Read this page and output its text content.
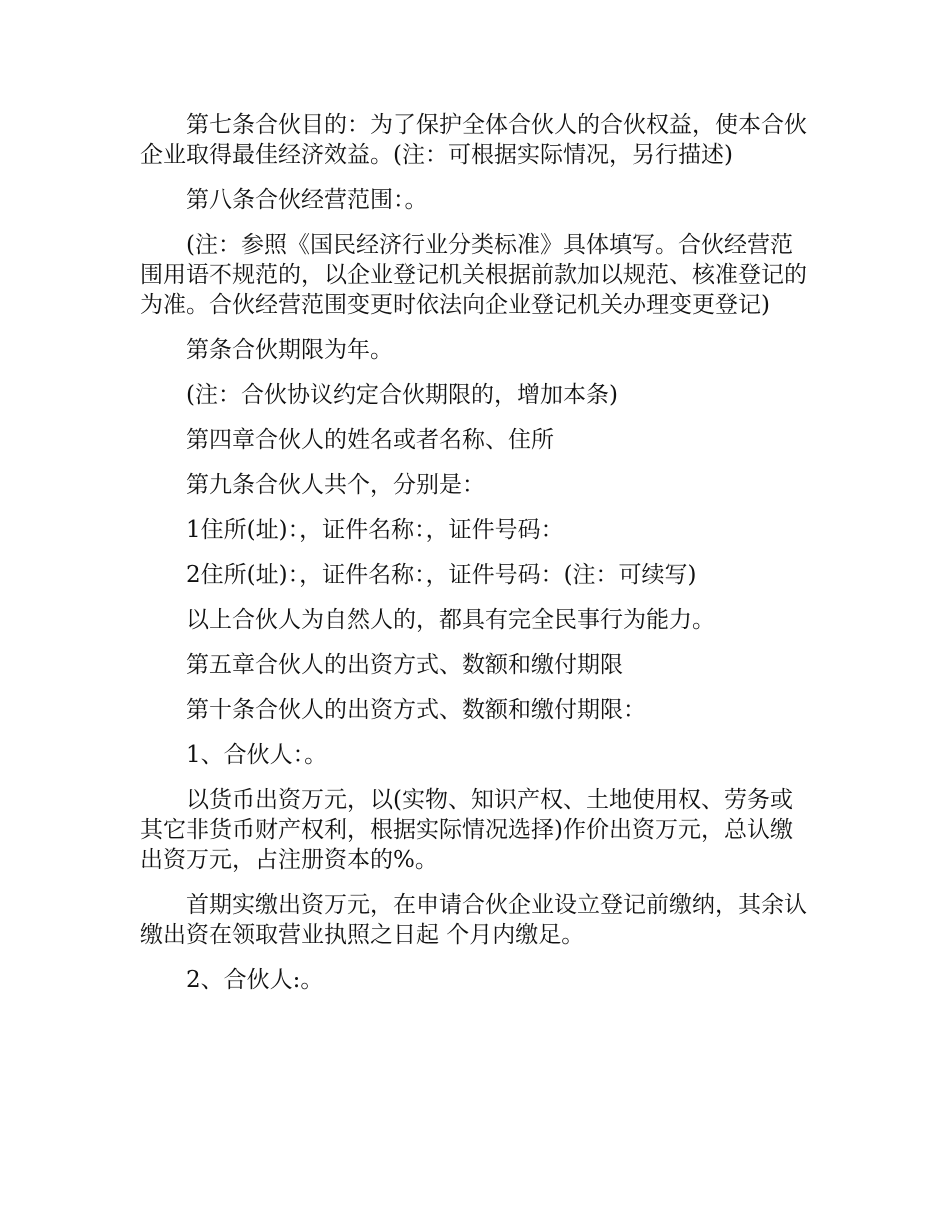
第七条合伙目的：为了保护全体合伙人的合伙权益，使本合伙企业取得最佳经济效益。(注：可根据实际情况，另行描述)

第八条合伙经营范围：。

(注：参照《国民经济行业分类标准》具体填写。合伙经营范围用语不规范的，以企业登记机关根据前款加以规范、核准登记的为准。合伙经营范围变更时依法向企业登记机关办理变更登记)

第条合伙期限为年。

(注：合伙协议约定合伙期限的，增加本条)

第四章合伙人的姓名或者名称、住所

第九条合伙人共个，分别是：

1住所(址)：，证件名称：，证件号码：

2住所(址)：，证件名称：，证件号码：(注：可续写)

以上合伙人为自然人的，都具有完全民事行为能力。

第五章合伙人的出资方式、数额和缴付期限

第十条合伙人的出资方式、数额和缴付期限：

1、合伙人：。

以货币出资万元，以(实物、知识产权、土地使用权、劳务或其它非货币财产权利，根据实际情况选择)作价出资万元，总认缴出资万元，占注册资本的%。

首期实缴出资万元，在申请合伙企业设立登记前缴纳，其余认缴出资在领取营业执照之日起 个月内缴足。

2、合伙人:。
